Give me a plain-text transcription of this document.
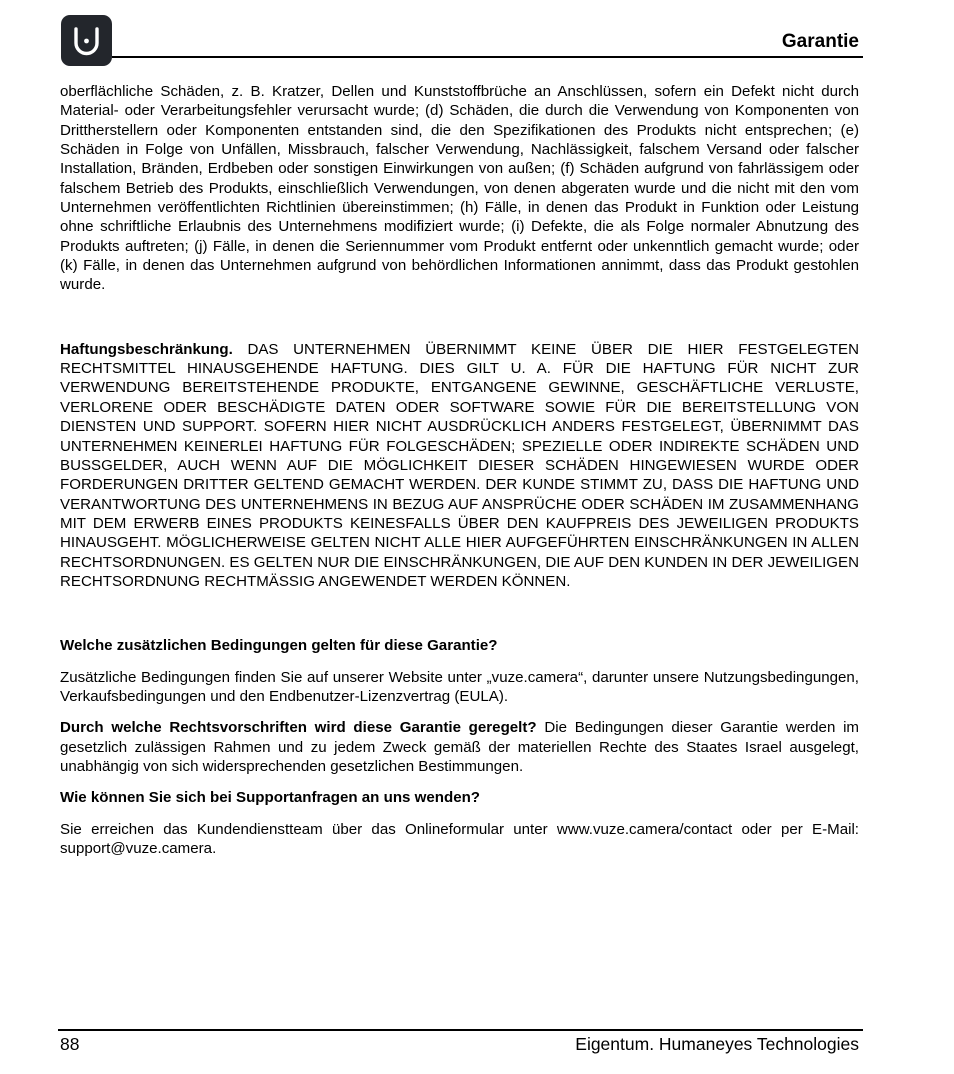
Garantie

oberflächliche Schäden, z. B. Kratzer, Dellen und Kunststoffbrüche an Anschlüssen, sofern ein Defekt nicht durch Material- oder Verarbeitungsfehler verursacht wurde; (d) Schäden, die durch die Verwendung von Komponenten von Drittherstellern oder Komponenten entstanden sind, die den Spezifikationen des Produkts nicht entsprechen; (e) Schäden in Folge von Unfällen, Missbrauch, falscher Verwendung, Nachlässigkeit, falschem Versand oder falscher Installation, Bränden, Erdbeben oder sonstigen Einwirkungen von außen; (f) Schäden aufgrund von fahrlässigem oder falschem Betrieb des Produkts, einschließlich Verwendungen, von denen abgeraten wurde und die nicht mit den vom Unternehmen veröffentlichten Richtlinien übereinstimmen; (h) Fälle, in denen das Produkt in Funktion oder Leistung ohne schriftliche Erlaubnis des Unternehmens modifiziert wurde; (i) Defekte, die als Folge normaler Abnutzung des Produkts auftreten; (j) Fälle, in denen die Seriennummer vom Produkt entfernt oder unkenntlich gemacht wurde; oder (k) Fälle, in denen das Unternehmen aufgrund von behördlichen Informationen annimmt, dass das Produkt gestohlen wurde.

Haftungsbeschränkung. DAS UNTERNEHMEN ÜBERNIMMT KEINE ÜBER DIE HIER FESTGELEGTEN RECHTSMITTEL HINAUSGEHENDE HAFTUNG. DIES GILT U. A. FÜR DIE HAFTUNG FÜR NICHT ZUR VERWENDUNG BEREITSTEHENDE PRODUKTE, ENTGANGENE GEWINNE, GESCHÄFTLICHE VERLUSTE, VERLORENE ODER BESCHÄDIGTE DATEN ODER SOFTWARE SOWIE FÜR DIE BEREITSTELLUNG VON DIENSTEN UND SUPPORT. SOFERN HIER NICHT AUSDRÜCKLICH ANDERS FESTGELEGT, ÜBERNIMMT DAS UNTERNEHMEN KEINERLEI HAFTUNG FÜR FOLGESCHÄDEN; SPEZIELLE ODER INDIREKTE SCHÄDEN UND BUSSGELDER, AUCH WENN AUF DIE MÖGLICHKEIT DIESER SCHÄDEN HINGEWIESEN WURDE ODER FORDERUNGEN DRITTER GELTEND GEMACHT WERDEN. DER KUNDE STIMMT ZU, DASS DIE HAFTUNG UND VERANTWORTUNG DES UNTERNEHMENS IN BEZUG AUF ANSPRÜCHE ODER SCHÄDEN IM ZUSAMMENHANG MIT DEM ERWERB EINES PRODUKTS KEINESFALLS ÜBER DEN KAUFPREIS DES JEWEILIGEN PRODUKTS HINAUSGEHT. MÖGLICHERWEISE GELTEN NICHT ALLE HIER AUFGEFÜHRTEN EINSCHRÄNKUNGEN IN ALLEN RECHTSORDNUNGEN. ES GELTEN NUR DIE EINSCHRÄNKUNGEN, DIE AUF DEN KUNDEN IN DER JEWEILIGEN RECHTSORDNUNG RECHTMÄSSIG ANGEWENDET WERDEN KÖNNEN.

Welche zusätzlichen Bedingungen gelten für diese Garantie?

Zusätzliche Bedingungen finden Sie auf unserer Website unter „vuze.camera“, darunter unsere Nutzungsbedingungen, Verkaufsbedingungen und den Endbenutzer-Lizenzvertrag (EULA).

Durch welche Rechtsvorschriften wird diese Garantie geregelt? Die Bedingungen dieser Garantie werden im gesetzlich zulässigen Rahmen und zu jedem Zweck gemäß der materiellen Rechte des Staates Israel ausgelegt, unabhängig von sich widersprechenden gesetzlichen Bestimmungen.

Wie können Sie sich bei Supportanfragen an uns wenden?

Sie erreichen das Kundendienstteam über das Onlineformular unter www.vuze.camera/contact oder per E-Mail: support@vuze.camera.

88	Eigentum. Humaneyes Technologies
